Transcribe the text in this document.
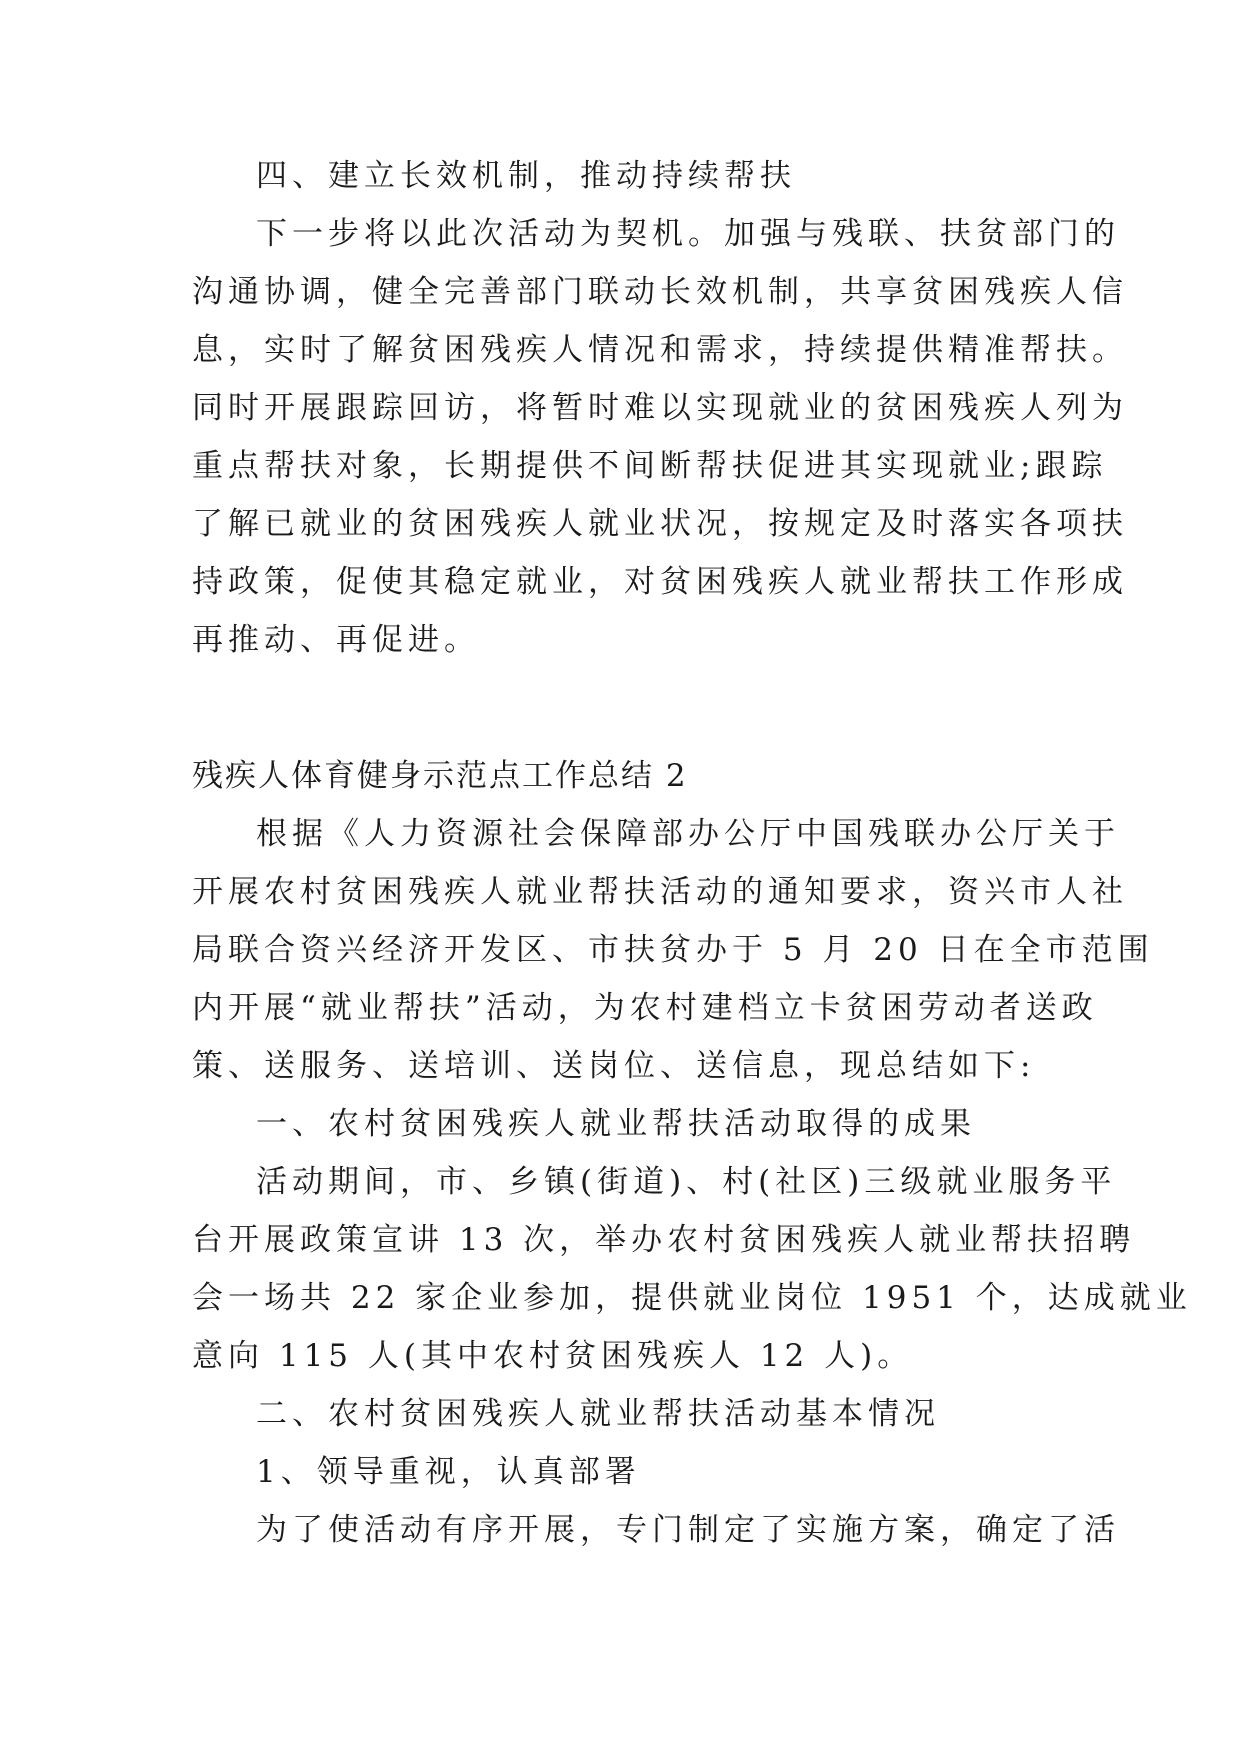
四、建立长效机制，推动持续帮扶
下一步将以此次活动为契机。加强与残联、扶贫部门的
沟通协调，健全完善部门联动长效机制，共享贫困残疾人信
息，实时了解贫困残疾人情况和需求，持续提供精准帮扶。
同时开展跟踪回访，将暂时难以实现就业的贫困残疾人列为
重点帮扶对象，长期提供不间断帮扶促进其实现就业;跟踪
了解已就业的贫困残疾人就业状况，按规定及时落实各项扶
持政策，促使其稳定就业，对贫困残疾人就业帮扶工作形成
再推动、再促进。
残疾人体育健身示范点工作总结 2
根据《人力资源社会保障部办公厅中国残联办公厅关于
开展农村贫困残疾人就业帮扶活动的通知要求，资兴市人社
局联合资兴经济开发区、市扶贫办于 5 月 20 日在全市范围
内开展“就业帮扶”活动，为农村建档立卡贫困劳动者送政
策、送服务、送培训、送岗位、送信息，现总结如下:
一、农村贫困残疾人就业帮扶活动取得的成果
活动期间，市、乡镇(街道)、村(社区)三级就业服务平
台开展政策宣讲 13 次，举办农村贫困残疾人就业帮扶招聘
会一场共 22 家企业参加，提供就业岗位 1951 个，达成就业
意向 115 人(其中农村贫困残疾人 12 人)。
二、农村贫困残疾人就业帮扶活动基本情况
1、领导重视，认真部署
为了使活动有序开展，专门制定了实施方案，确定了活
